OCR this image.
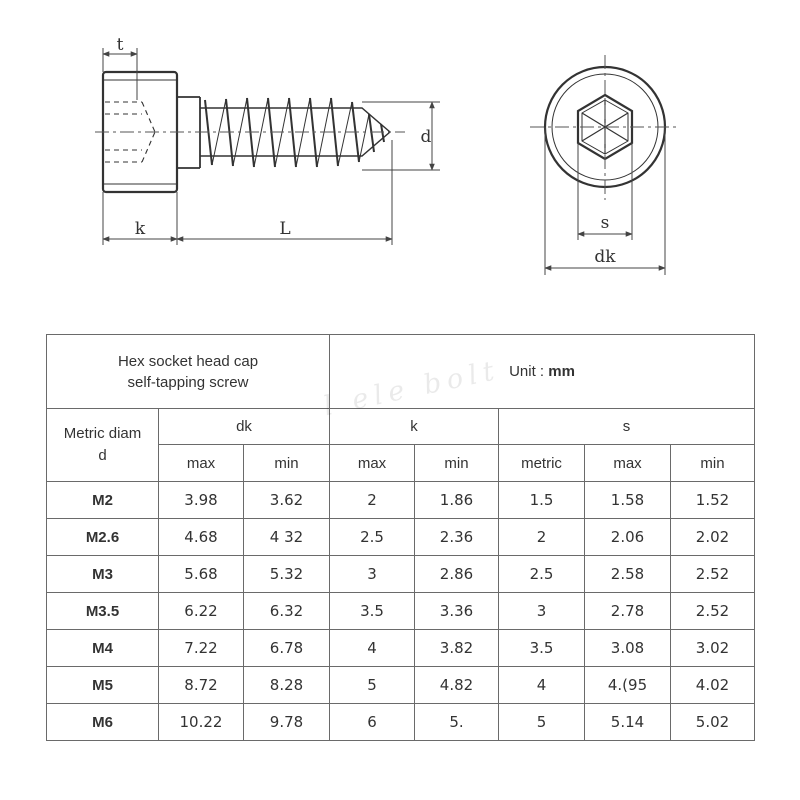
t
k	L
d
s
dk
Hex socket head cap
self-tapping screw			Unit : mm				

Metric diam
d	dk		k		s		
	max	min	max	min	metric	max	min
M2	3.98	3.62	2	1.86	1.5	1.58	1.52
M2.6	4.68	4 32	2.5	2.36	2	2.06	2.02
M3	5.68	5.32	3	2.86	2.5	2.58	2.52
M3.5	6.22	6.32	3.5	3.36	3	2.78	2.52
M4	7.22	6.78	4	3.82	3.5	3.08	3.02
M5	8.72	8.28	5	4.82	4	4.(95	4.02
M6	10.22	9.78	6	5.	5	5.14	5.02
l ele bolt
